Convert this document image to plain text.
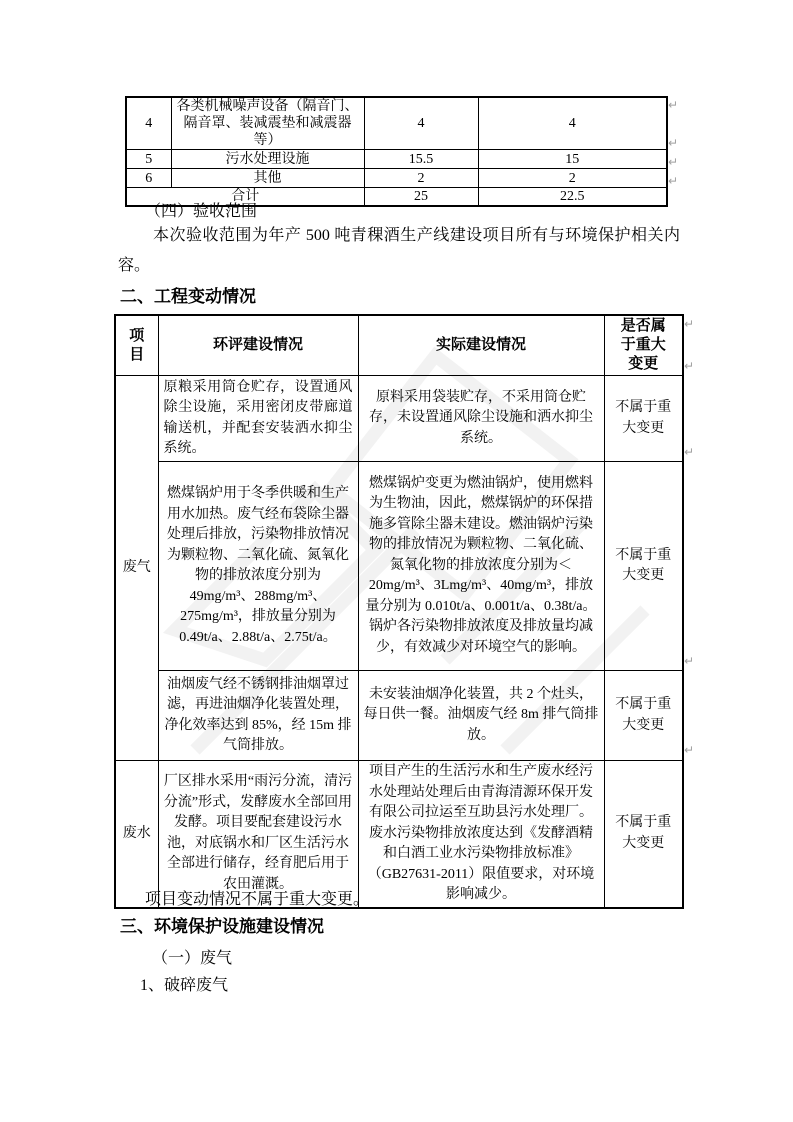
4	各类机械噪声设备（隔音门、隔音罩、装减震垫和减震器等）	4	4
5	污水处理设施	15.5	15
6	其他	2	2
合计		25	22.5
（四）验收范围
本次验收范围为年产 500 吨青稞酒生产线建设项目所有与环境保护相关内容。
二、工程变动情况
项目	环评建设情况	实际建设情况	是否属于重大变更
废气	原粮采用筒仓贮存，设置通风除尘设施，采用密闭皮带廊道输送机，并配套安装洒水抑尘系统。	原料采用袋装贮存，不采用筒仓贮存，未设置通风除尘设施和洒水抑尘系统。	不属于重大变更
	燃煤锅炉用于冬季供暖和生产用水加热。废气经布袋除尘器处理后排放，污染物排放情况为颗粒物、二氧化硫、氮氧化物的排放浓度分别为49mg/m³、288mg/m³、275mg/m³，排放量分别为0.49t/a、2.88t/a、2.75t/a。	燃煤锅炉变更为燃油锅炉，使用燃料为生物油，因此，燃煤锅炉的环保措施多管除尘器未建设。燃油锅炉污染物的排放情况为颗粒物、二氧化硫、氮氧化物的排放浓度分别为＜20mg/m³、3Lmg/m³、40mg/m³，排放量分别为 0.010t/a、0.001t/a、0.38t/a。锅炉各污染物排放浓度及排放量均减少，有效减少对环境空气的影响。	不属于重大变更
	油烟废气经不锈钢排油烟罩过滤，再进油烟净化装置处理，净化效率达到 85%，经 15m 排气筒排放。	未安装油烟净化装置，共 2 个灶头，每日供一餐。油烟废气经 8m 排气筒排放。	不属于重大变更
废水	厂区排水采用“雨污分流，清污分流”形式，发酵废水全部回用发酵。项目要配套建设污水池，对底锅水和厂区生活污水全部进行储存，经育肥后用于农田灌溉。	项目产生的生活污水和生产废水经污水处理站处理后由青海清源环保开发有限公司拉运至互助县污水处理厂。废水污染物排放浓度达到《发酵酒精和白酒工业水污染物排放标准》（GB27631-2011）限值要求，对环境影响减少。	不属于重大变更
项目变动情况不属于重大变更。
三、环境保护设施建设情况
（一）废气
1、破碎废气
↵
↵
↵
↵
↵
↵
↵
↵
↵
